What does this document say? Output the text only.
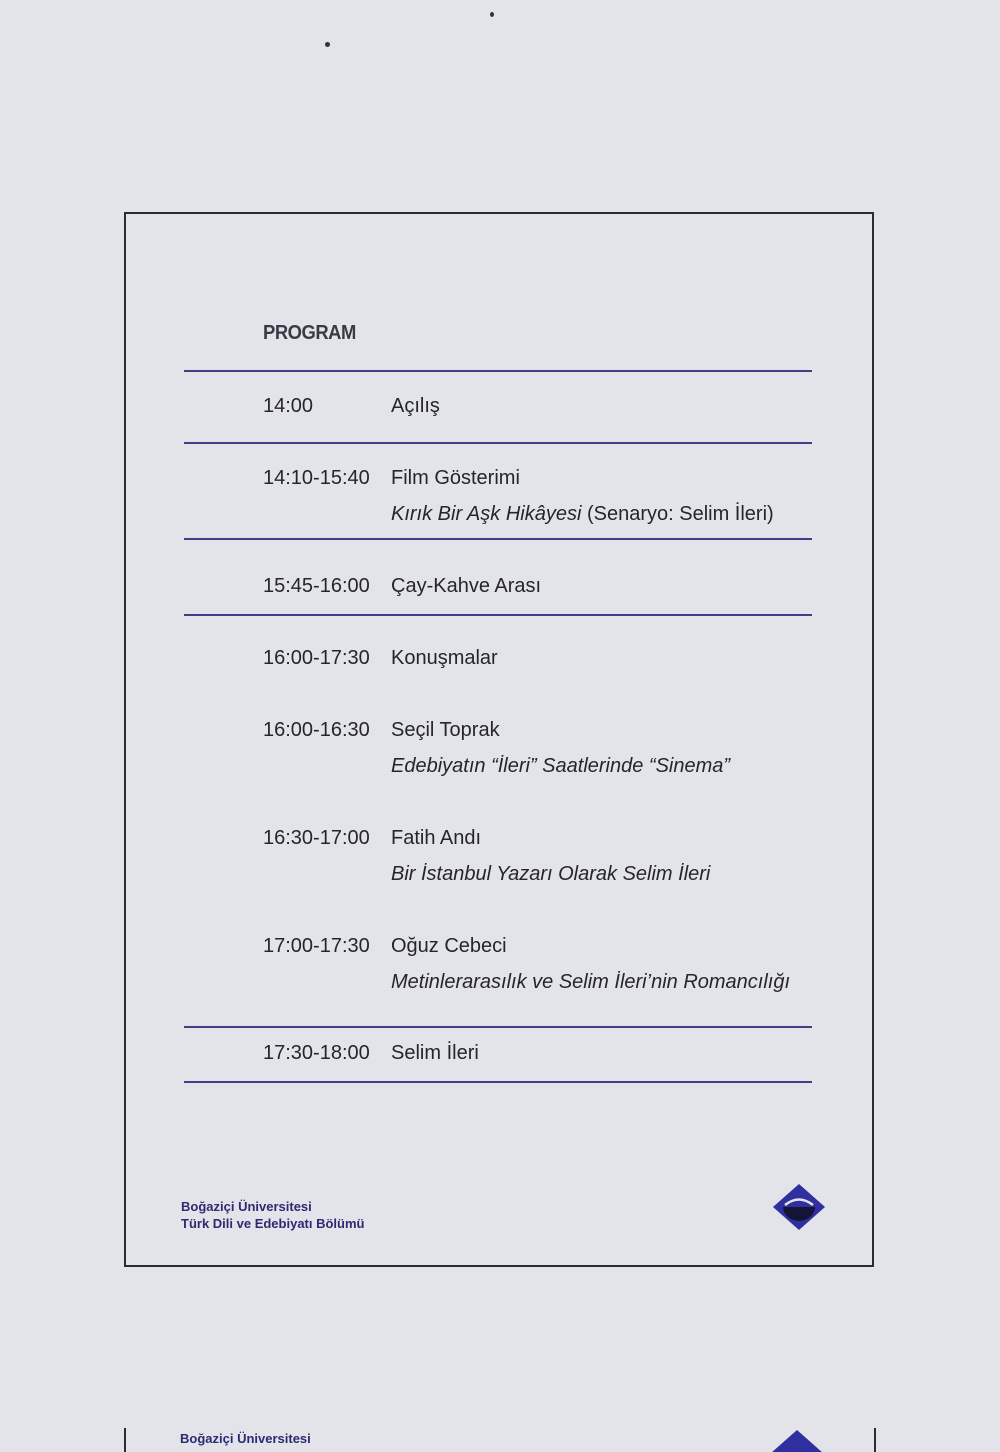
PROGRAM
14:00	Açılış
14:10-15:40 Film Gösterimi
Kırık Bir Aşk Hikâyesi (Senaryo: Selim İleri)
15:45-16:00 Çay-Kahve Arası
16:00-17:30 Konuşmalar
16:00-16:30 Seçil Toprak
Edebiyatın “İleri” Saatlerinde “Sinema”
16:30-17:00 Fatih Andı
Bir İstanbul Yazarı Olarak Selim İleri
17:00-17:30 Oğuz Cebeci
Metinlerarasılık ve Selim İleri’nin Romancılığı
17:30-18:00 Selim İleri
Boğaziçi Üniversitesi
Türk Dili ve Edebiyatı Bölümü
Boğaziçi Üniversitesi
